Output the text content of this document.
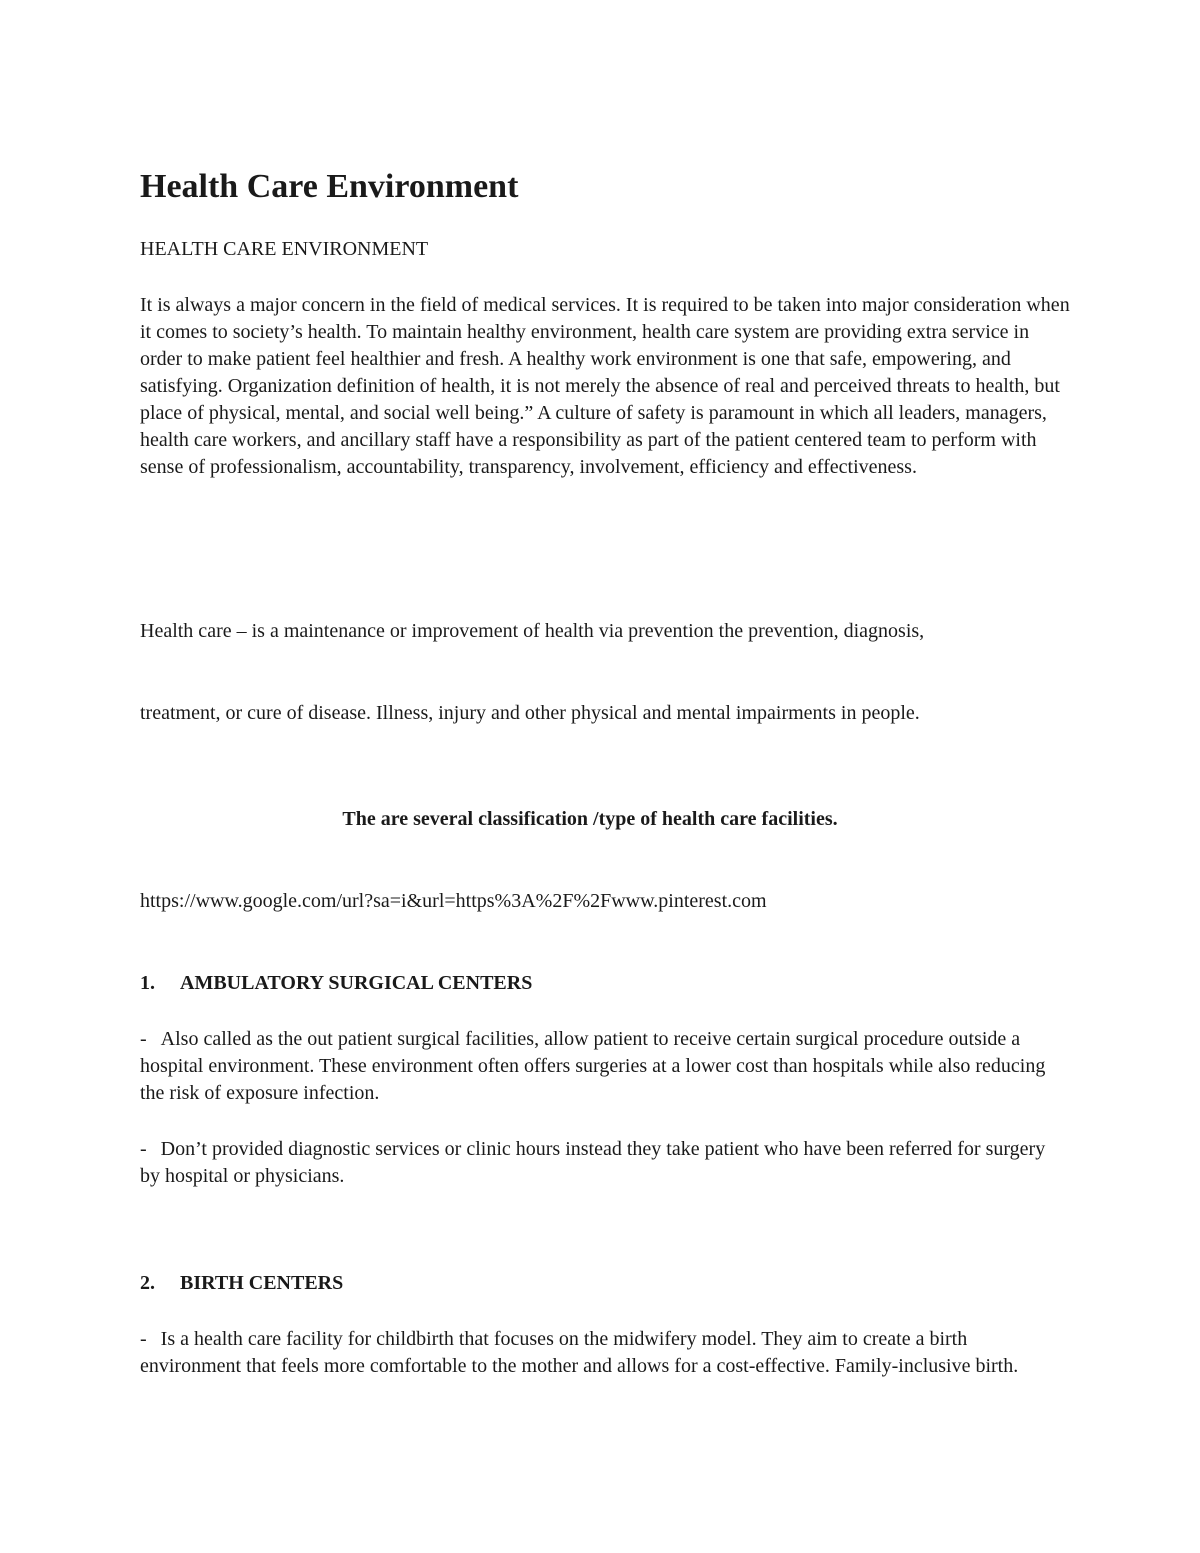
Health Care Environment

HEALTH CARE ENVIRONMENT

It is always a major concern in the field of medical services. It is required to be taken into major consideration when it comes to society’s health. To maintain healthy environment, health care system are providing extra service in order to make patient feel healthier and fresh. A healthy work environment is one that safe, empowering, and satisfying. Organization definition of health, it is not merely the absence of real and perceived threats to health, but place of physical, mental, and social well being.” A culture of safety is paramount in which all leaders, managers, health care workers, and ancillary staff have a responsibility as part of the patient centered team to perform with sense of professionalism, accountability, transparency, involvement, efficiency and effectiveness.

Health care – is a maintenance or improvement of health via prevention the prevention, diagnosis,

treatment, or cure of disease. Illness, injury and other physical and mental impairments in people.

The are several classification /type of health care facilities.

https://www.google.com/url?sa=i&url=https%3A%2F%2Fwww.pinterest.com

1. AMBULATORY SURGICAL CENTERS

- Also called as the out patient surgical facilities, allow patient to receive certain surgical procedure outside a hospital environment. These environment often offers surgeries at a lower cost than hospitals while also reducing the risk of exposure infection.

- Don’t provided diagnostic services or clinic hours instead they take patient who have been referred for surgery by hospital or physicians.

2. BIRTH CENTERS

- Is a health care facility for childbirth that focuses on the midwifery model. They aim to create a birth environment that feels more comfortable to the mother and allows for a cost-effective. Family-inclusive birth.
